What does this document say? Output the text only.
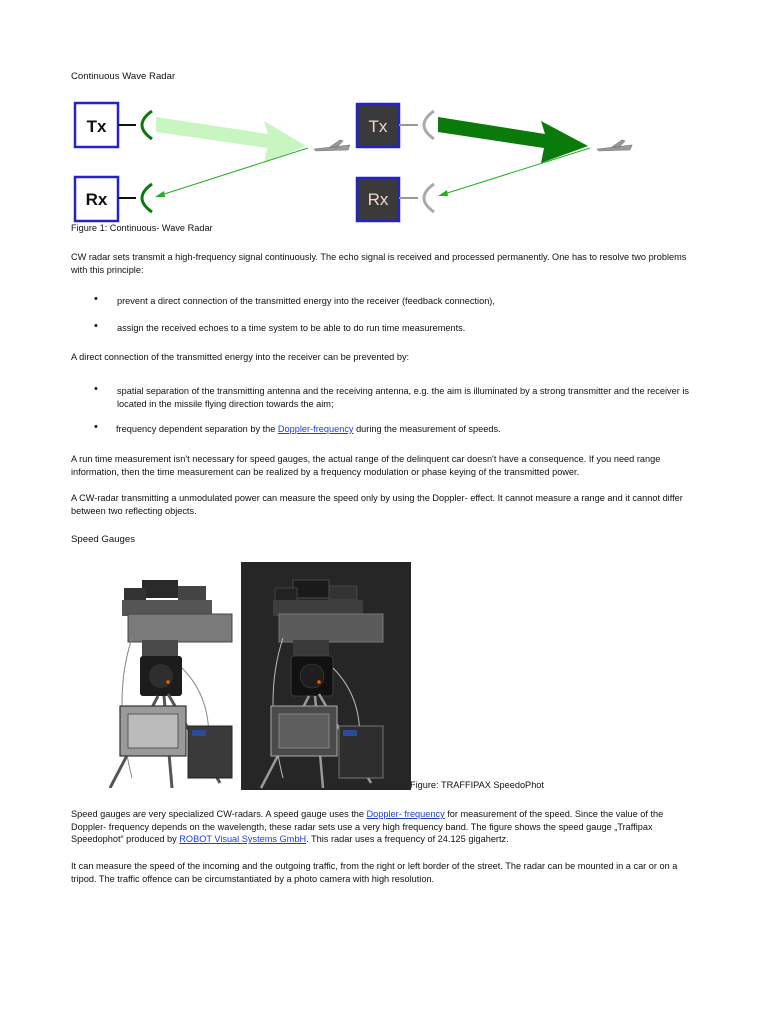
Continuous Wave Radar
Tx
Rx
Tx
Rx
Figure 1: Continuous- Wave Radar
CW radar sets transmit a high-frequency signal continuously. The echo signal is received and processed permanently. One has to resolve two problems with this principle:
• prevent a direct connection of the transmitted energy into the receiver (feedback connection),
• assign the received echoes to a time system to be able to do run time measurements.
A direct connection of the transmitted energy into the receiver can be prevented by:
• spatial separation of the transmitting antenna and the receiving antenna, e.g. the aim is illuminated by a strong transmitter and the receiver is located in the missile flying direction towards the aim;
• frequency dependent separation by the Doppler-frequency during the measurement of speeds.
A run time measurement isn't necessary for speed gauges, the actual range of the delinquent car doesn't have a consequence. If you need range information, then the time measurement can be realized by a frequency modulation or phase keying of the transmitted power.
A CW-radar transmitting a unmodulated power can measure the speed only by using the Doppler- effect. It cannot measure a range and it cannot differ between two reflecting objects.
Speed Gauges
Figure: TRAFFIPAX SpeedoPhot
Speed gauges are very specialized CW-radars. A speed gauge uses the Doppler- frequency for measurement of the speed. Since the value of the Doppler- frequency depends on the wavelength, these radar sets use a very high frequency band. The figure shows the speed gauge „Traffipax Speedophot“ produced by ROBOT Visual Systems GmbH. This radar uses a frequency of 24.125 gigahertz.
It can measure the speed of the incoming and the outgoing traffic, from the right or left border of the street. The radar can be mounted in a car or on a tripod. The traffic offence can be circumstantiated by a photo camera with high resolution.
